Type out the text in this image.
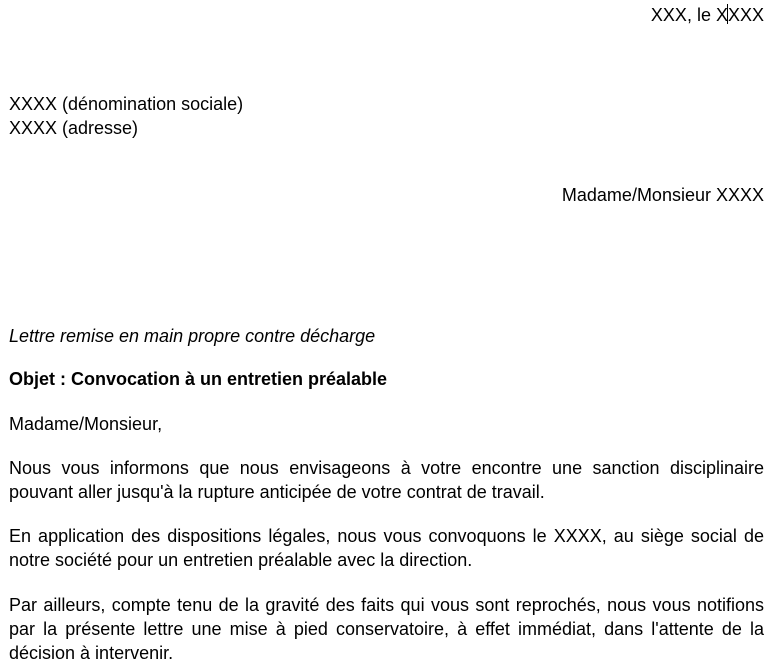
XXX, le XXXX
XXXX (dénomination sociale)
XXXX (adresse)
Madame/Monsieur XXXX
Lettre remise en main propre contre décharge
Objet : Convocation à un entretien préalable
Madame/Monsieur,
Nous vous informons que nous envisageons à votre encontre une sanction disciplinaire pouvant aller jusqu'à la rupture anticipée de votre contrat de travail.
En application des dispositions légales, nous vous convoquons le XXXX, au siège social de notre société pour un entretien préalable avec la direction.
Par ailleurs, compte tenu de la gravité des faits qui vous sont reprochés, nous vous notifions par la présente lettre une mise à pied conservatoire, à effet immédiat, dans l'attente de la décision à intervenir.
